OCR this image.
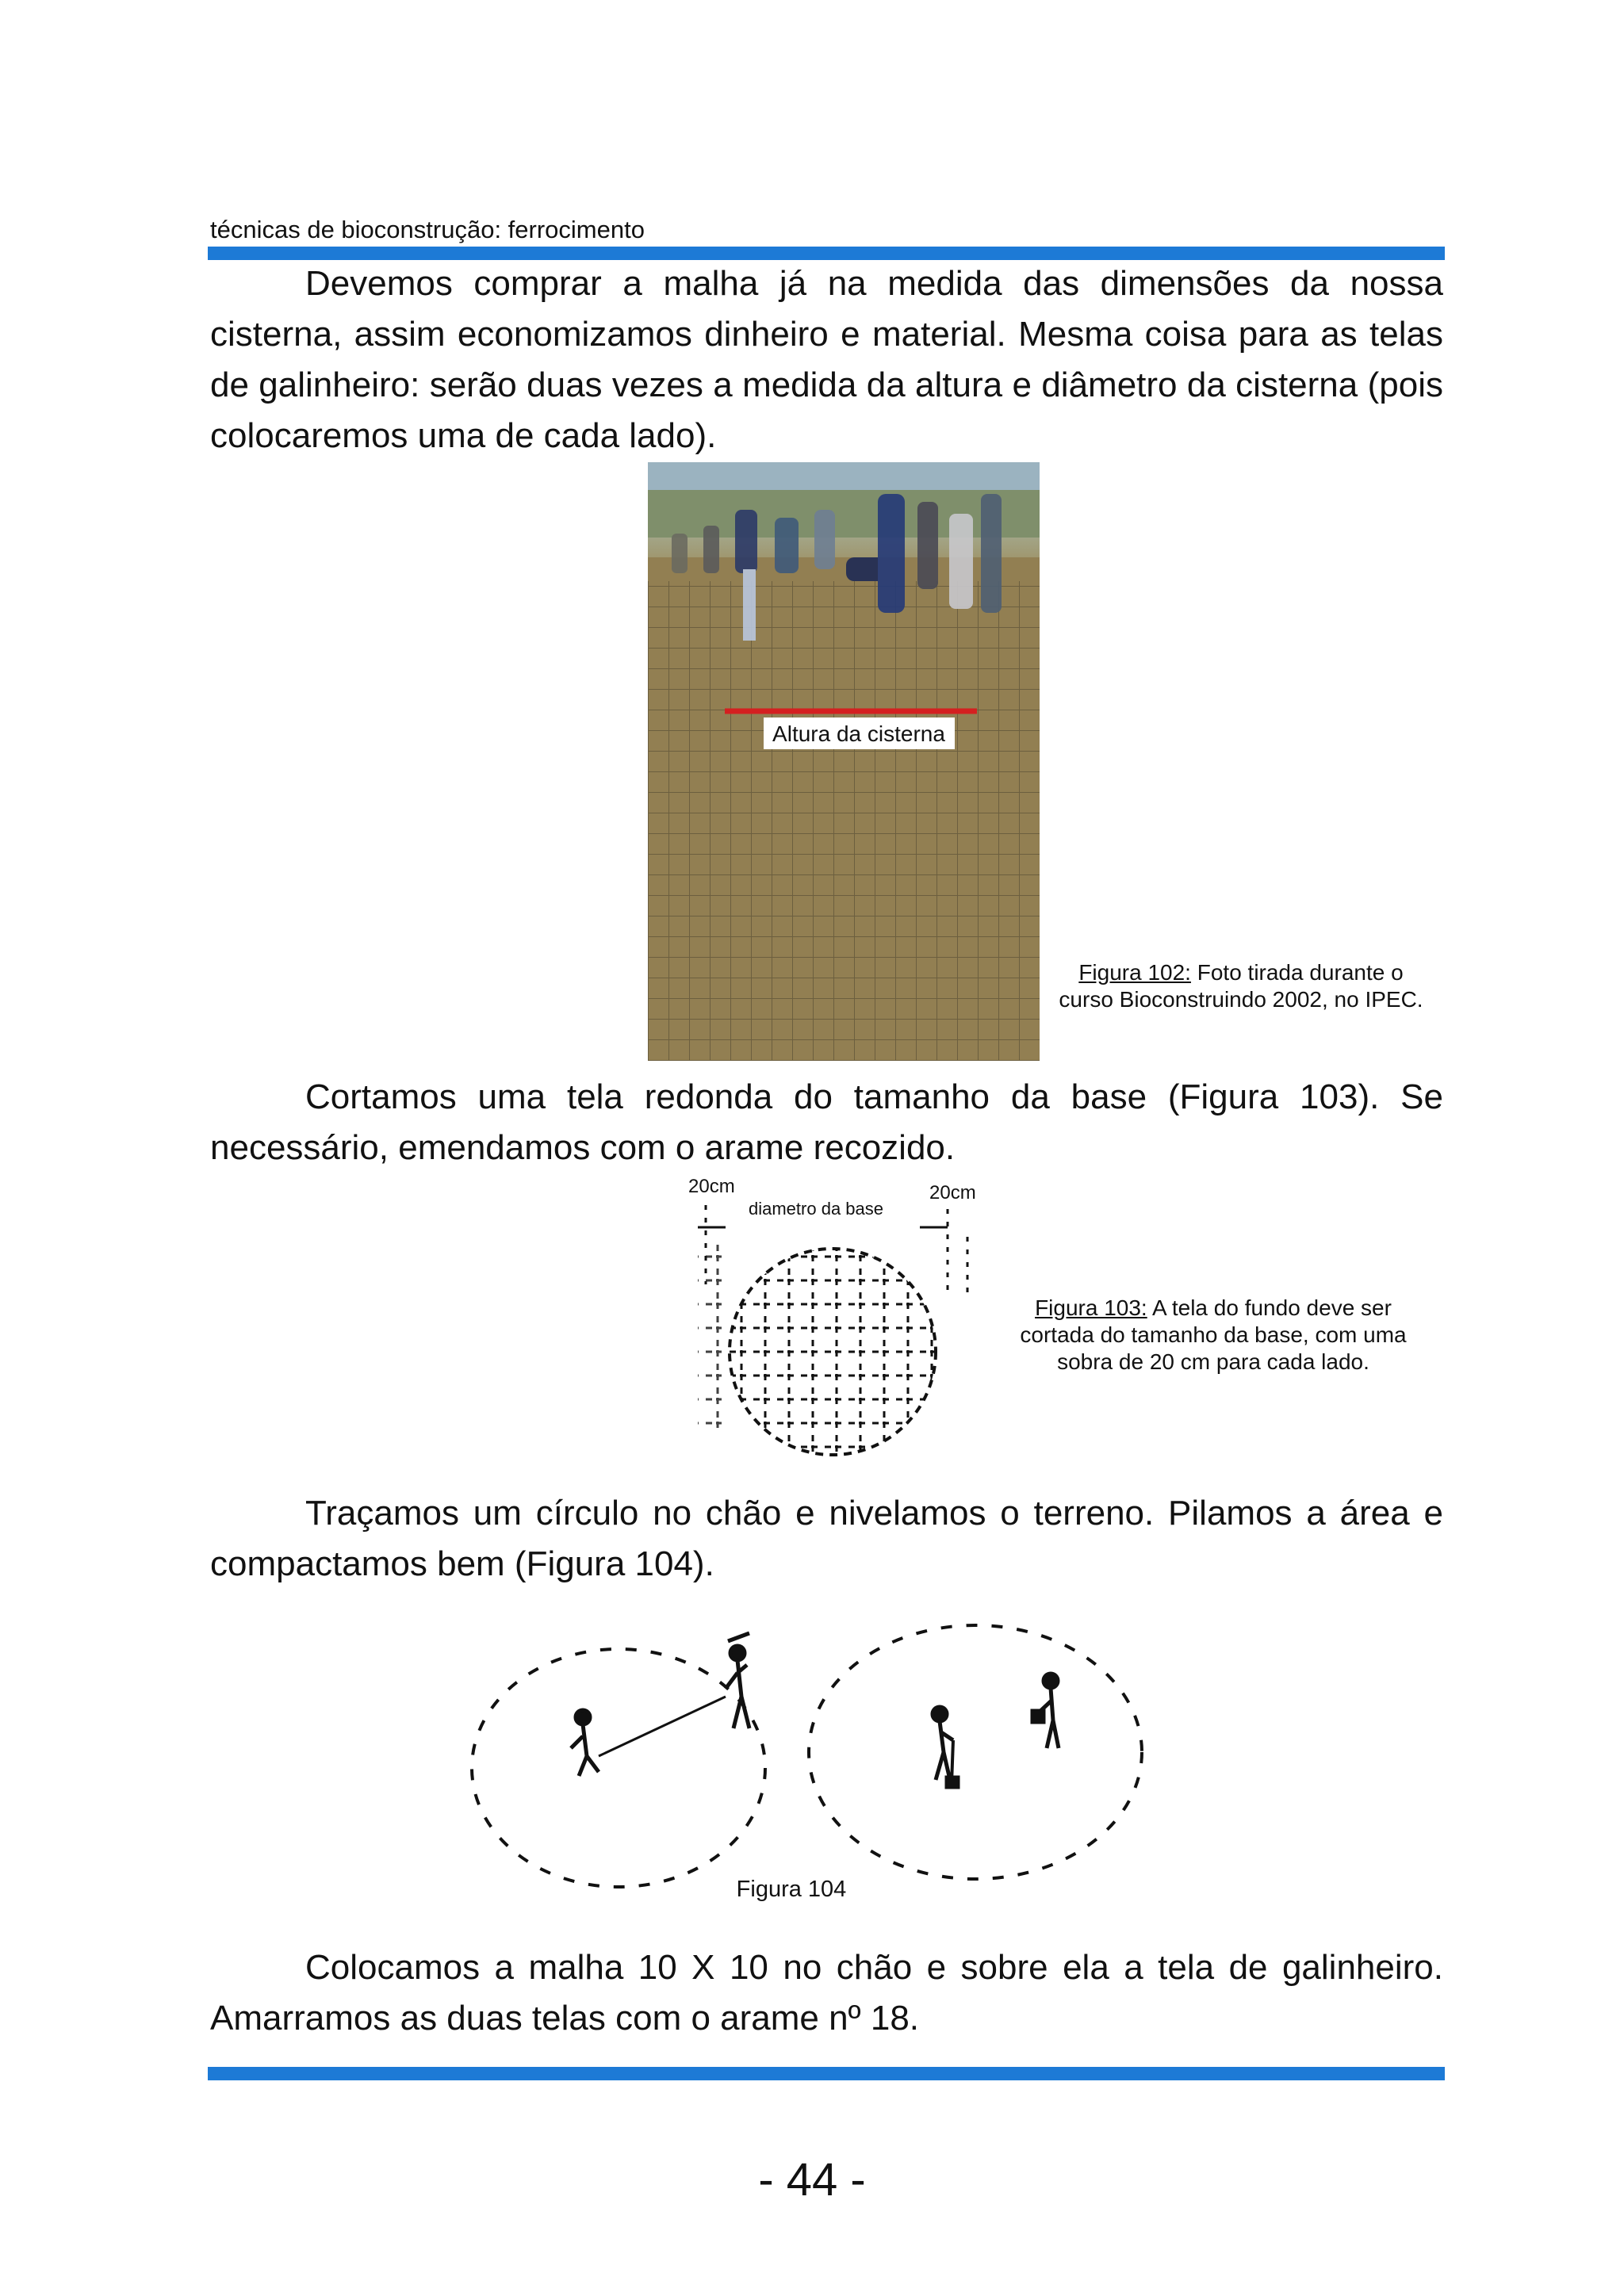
técnicas de bioconstrução: ferrocimento
Devemos comprar a malha já na medida das dimensões da nossa cisterna, assim economizamos dinheiro e material. Mesma coisa para as telas de galinheiro: serão duas vezes a medida da altura e diâmetro da cisterna (pois colocaremos uma de cada lado).
Altura da cisterna
Figura 102: Foto tirada durante o curso Bioconstruindo 2002, no IPEC.
Cortamos uma tela redonda do tamanho da base (Figura 103). Se necessário, emendamos com o arame recozido.
20cm	20cm
diametro da base
Figura 103: A tela do fundo deve ser cortada do tamanho da base, com uma sobra de 20 cm para cada lado.
Traçamos um círculo no chão e nivelamos o terreno. Pilamos a área e compactamos bem (Figura 104).
Figura 104
Colocamos a malha 10 X 10 no chão e sobre ela a tela de galinheiro. Amarramos as duas telas com o arame nº 18.
- 44 -
